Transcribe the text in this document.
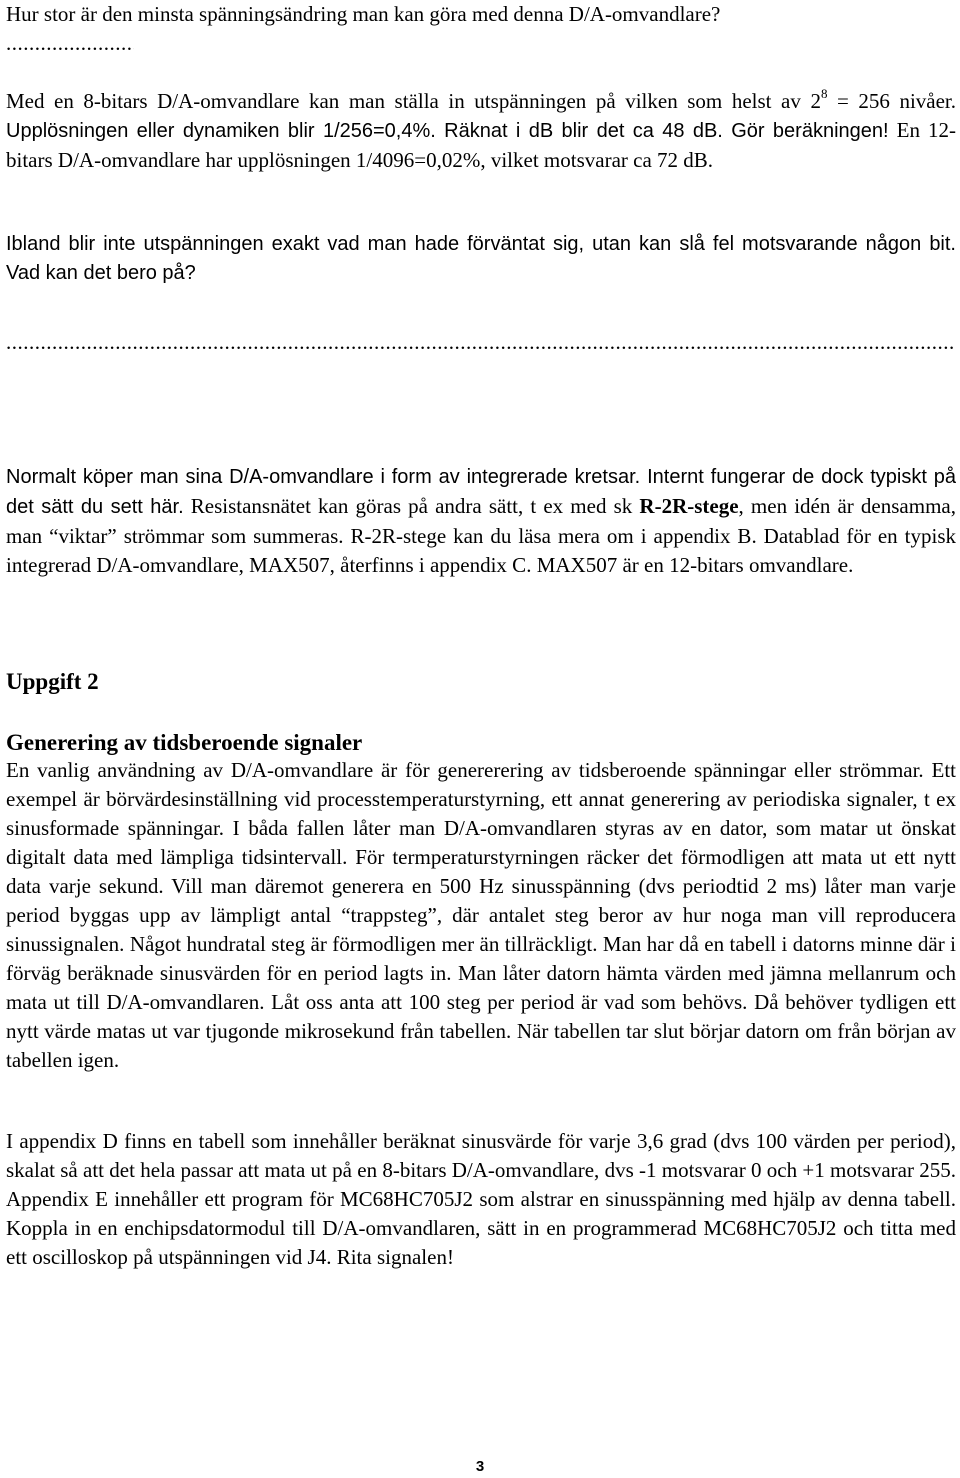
Hur stor är den minsta spänningsändring man kan göra med denna D/A-omvandlare?

.....

Med en 8-bitars D/A-omvandlare kan man ställa in utspänningen på vilken som helst av $2^8 = 256$ nivåer. Upplösningen eller dynamiken blir 1/256=0,4%. Räknat i dB blir det ca 48 dB. Gör beräkningen! En 12-bitars D/A-omvandlare har upplösningen 1/4096=0,02%, vilket motsvarar ca 72 dB.

Ibland blir inte utspänningen exakt vad man hade förväntat sig, utan kan slå fel motsvarande någon bit. Vad kan det bero på?

.....

Normalt köper man sina D/A-omvandlare i form av integrerade kretsar. Internt fungerar de dock typiskt på det sätt du sett här. Resistansnätet kan göras på andra sätt, t ex med sk R-2R-stege, men idén är densamma, man “viktar” strömmar som summeras. R-2R-stege kan du läsa mera om i appendix B. Datablad för en typisk integrerad D/A-omvandlare, MAX507, återfinns i appendix C. MAX507 är en 12-bitars omvandlare.

Uppgift 2

Generering av tidsberoende signaler

En vanlig användning av D/A-omvandlare är för genererering av tidsberoende spänningar eller strömmar. Ett exempel är börvärdesinställning vid processtemperaturstyrning, ett annat generering av periodiska signaler, t ex sinusformade spänningar. I båda fallen låter man D/A-omvandlaren styras av en dator, som matar ut önskat digitalt data med lämpliga tidsintervall. För termperaturstyrningen räcker det förmodligen att mata ut ett nytt data varje sekund. Vill man däremot generera en 500 Hz sinusspänning (dvs periodtid 2 ms) låter man varje period byggas upp av lämpligt antal “trappsteg”, där antalet steg beror av hur noga man vill reproducera sinussignalen. Något hundratal steg är förmodligen mer än tillräckligt. Man har då en tabell i datorns minne där i förväg beräknade sinusvärden för en period lagts in. Man låter datorn hämta värden med jämna mellanrum och mata ut till D/A-omvandlaren. Låt oss anta att 100 steg per period är vad som behövs. Då behöver tydligen ett nytt värde matas ut var tjugonde mikrosekund från tabellen. När tabellen tar slut börjar datorn om från början av tabellen igen.

I appendix D finns en tabell som innehåller beräknat sinusvärde för varje 3,6 grad (dvs 100 värden per period), skalat så att det hela passar att mata ut på en 8-bitars D/A-omvandlare, dvs -1 motsvarar 0 och +1 motsvarar 255. Appendix E innehåller ett program för MC68HC705J2 som alstrar en sinusspänning med hjälp av denna tabell. Koppla in en enchipsdatormodul till D/A-omvandlaren, sätt in en programmerad MC68HC705J2 och titta med ett oscilloskop på utspänningen vid J4. Rita signalen!

3
